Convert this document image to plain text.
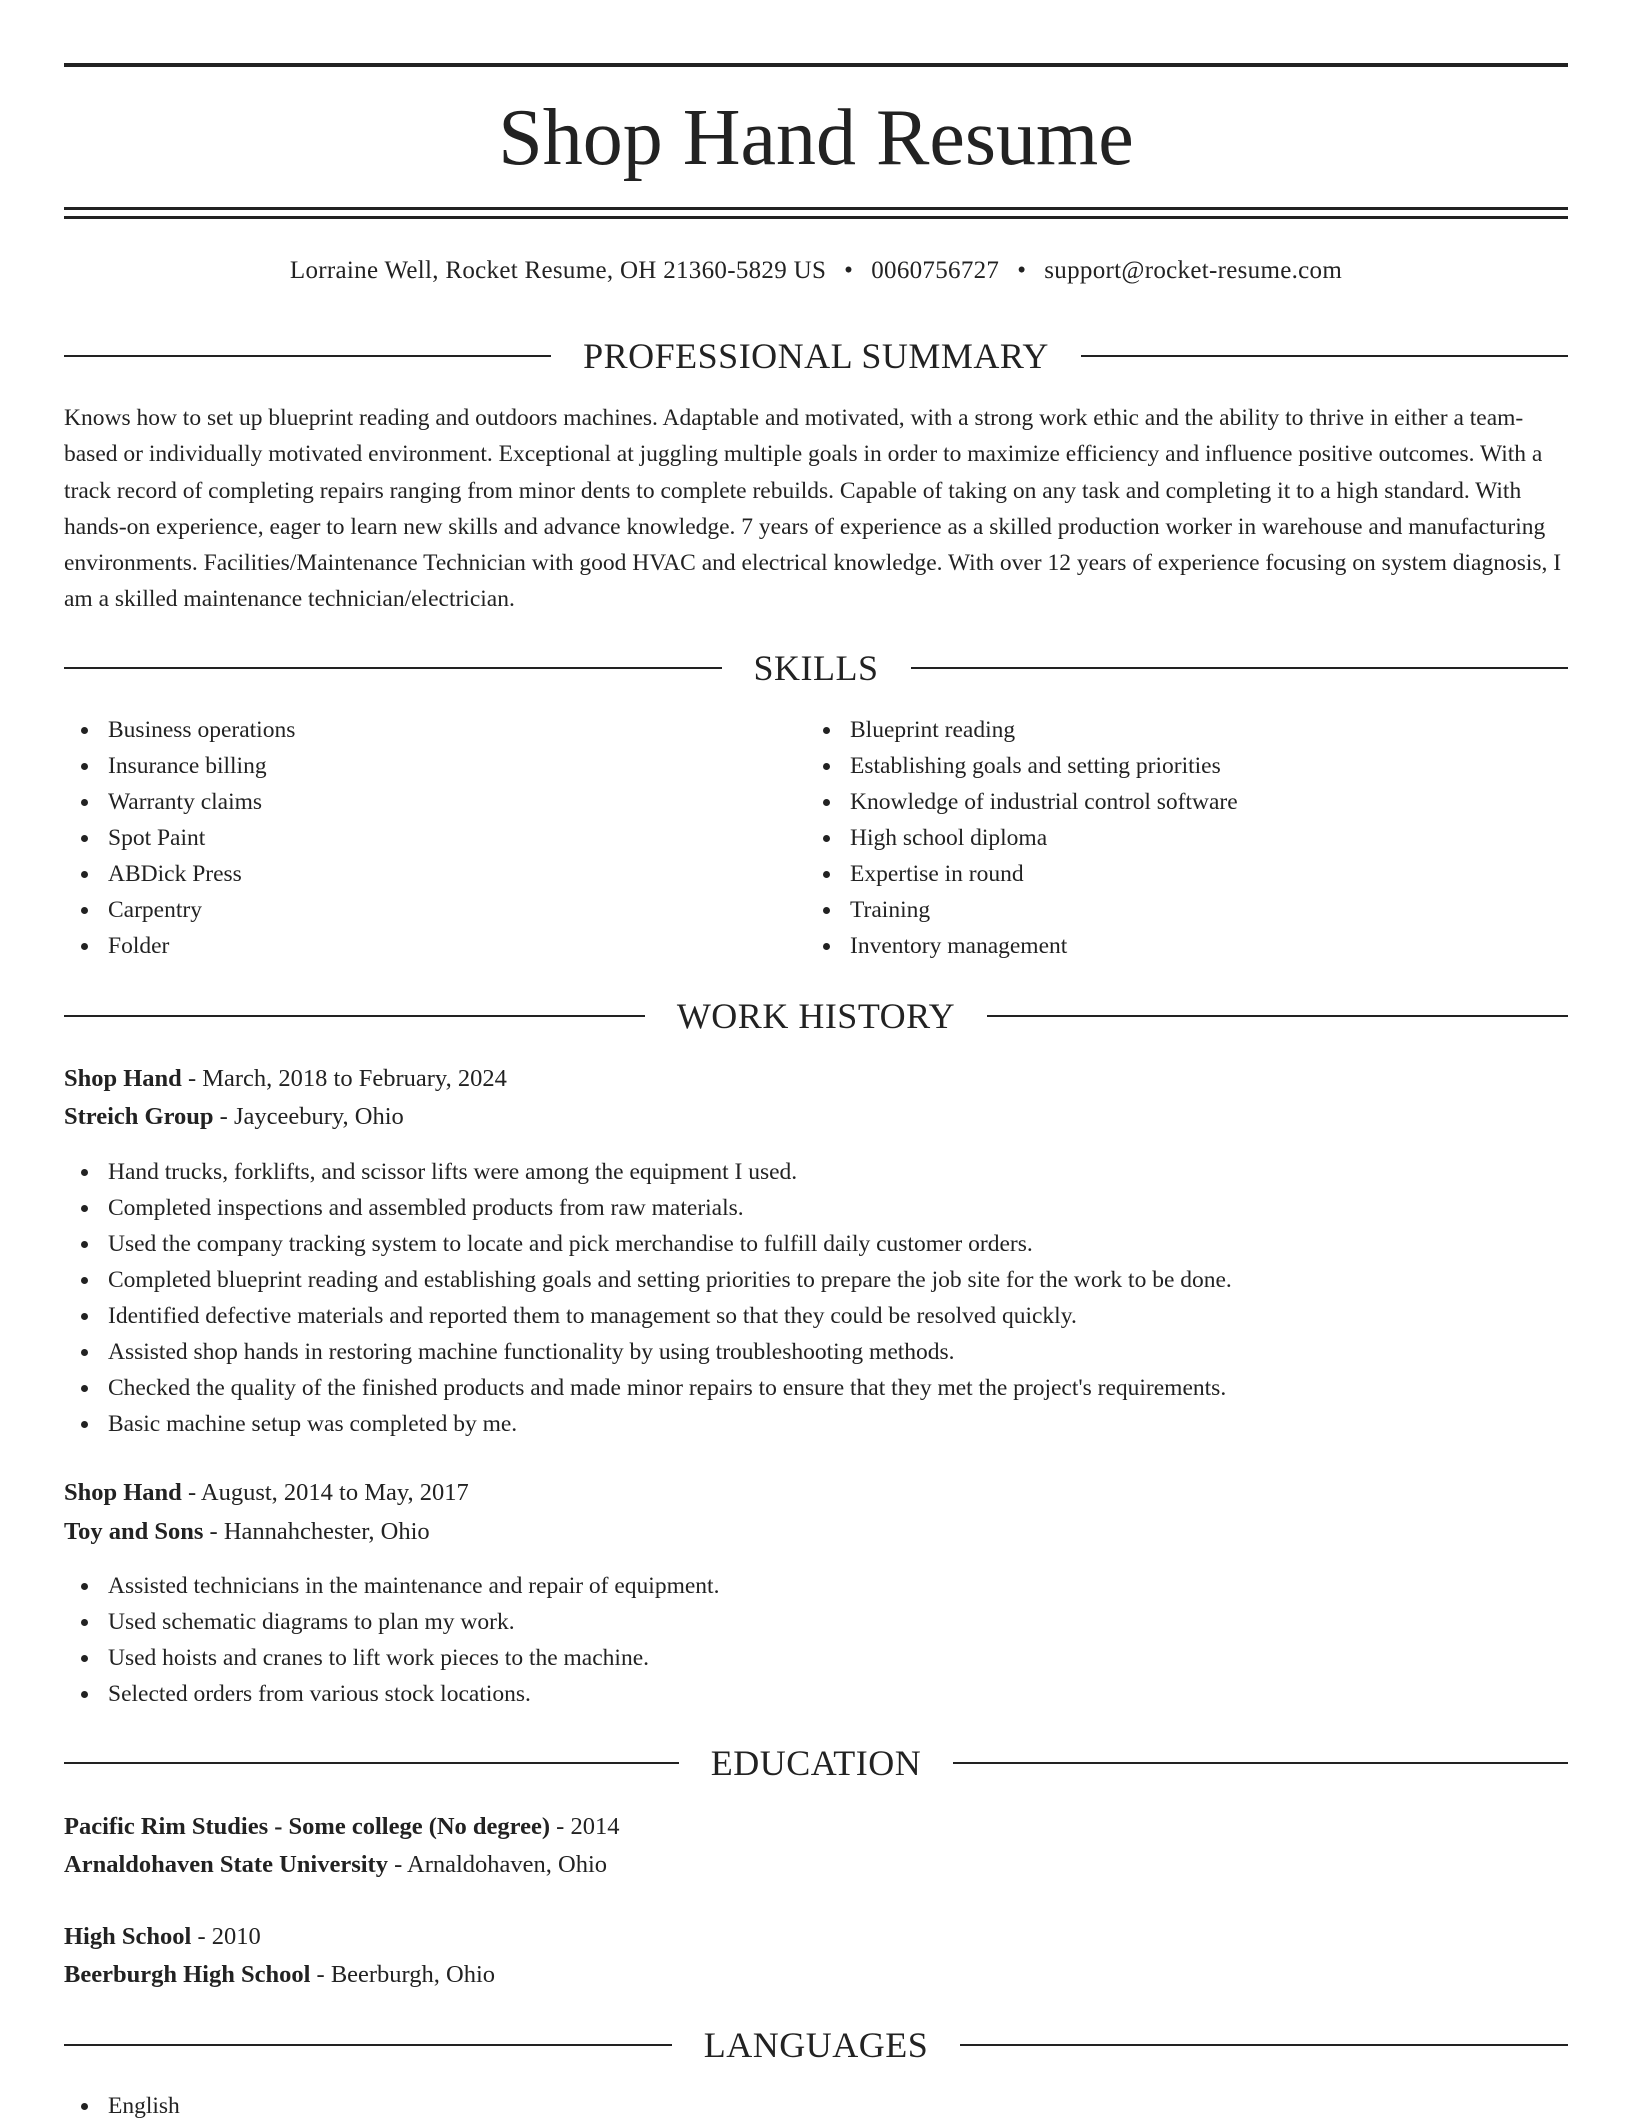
Shop Hand Resume
Lorraine Well, Rocket Resume, OH 21360-5829 US • 0060756727 • support@rocket-resume.com
PROFESSIONAL SUMMARY

Knows how to set up blueprint reading and outdoors machines. Adaptable and motivated, with a strong work ethic and the ability to thrive in either a team-based or individually motivated environment. Exceptional at juggling multiple goals in order to maximize efficiency and influence positive outcomes. With a track record of completing repairs ranging from minor dents to complete rebuilds. Capable of taking on any task and completing it to a high standard. With hands-on experience, eager to learn new skills and advance knowledge. 7 years of experience as a skilled production worker in warehouse and manufacturing environments. Facilities/Maintenance Technician with good HVAC and electrical knowledge. With over 12 years of experience focusing on system diagnosis, I am a skilled maintenance technician/electrician.

SKILLS
Business operations
Insurance billing
Warranty claims
Spot Paint
ABDick Press
Carpentry
Folder
Blueprint reading
Establishing goals and setting priorities
Knowledge of industrial control software
High school diploma
Expertise in round
Training
Inventory management
WORK HISTORY
Shop Hand - March, 2018 to February, 2024
Streich Group - Jayceebury, Ohio
Hand trucks, forklifts, and scissor lifts were among the equipment I used.
Completed inspections and assembled products from raw materials.
Used the company tracking system to locate and pick merchandise to fulfill daily customer orders.
Completed blueprint reading and establishing goals and setting priorities to prepare the job site for the work to be done.
Identified defective materials and reported them to management so that they could be resolved quickly.
Assisted shop hands in restoring machine functionality by using troubleshooting methods.
Checked the quality of the finished products and made minor repairs to ensure that they met the project's requirements.
Basic machine setup was completed by me.
Shop Hand - August, 2014 to May, 2017
Toy and Sons - Hannahchester, Ohio
Assisted technicians in the maintenance and repair of equipment.
Used schematic diagrams to plan my work.
Used hoists and cranes to lift work pieces to the machine.
Selected orders from various stock locations.
EDUCATION
Pacific Rim Studies - Some college (No degree) - 2014
Arnaldohaven State University - Arnaldohaven, Ohio
High School - 2010
Beerburgh High School - Beerburgh, Ohio
LANGUAGES
English
